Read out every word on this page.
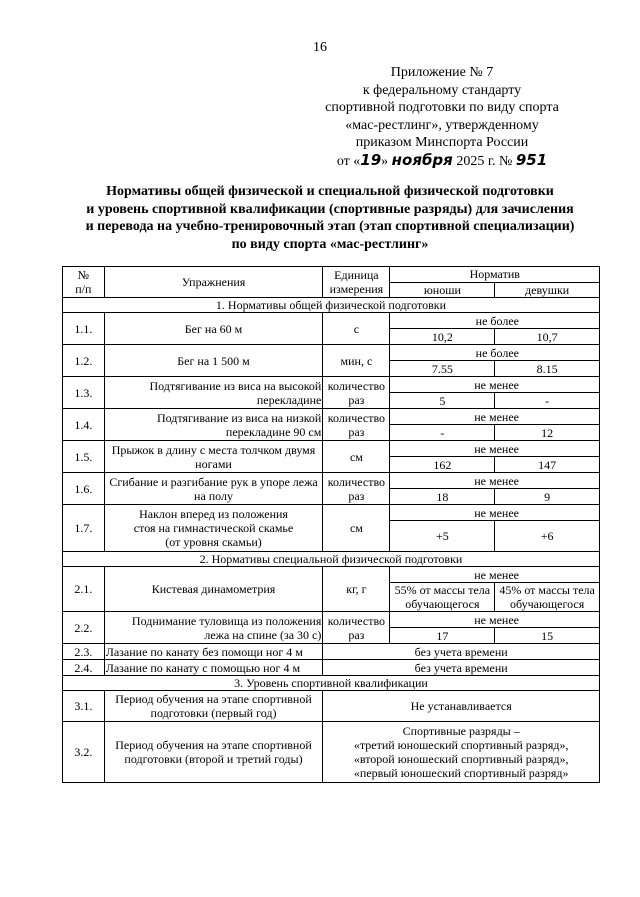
16
Приложение № 7
к федеральному стандарту
спортивной подготовки по виду спорта
«мас-рестлинг», утвержденному
приказом Минспорта России
от «19» ноября 2025 г. № 951
Нормативы общей физической и специальной физической подготовки
и уровень спортивной квалификации (спортивные разряды) для зачисления
и перевода на учебно-тренировочный этап (этап спортивной специализации)
по виду спорта «мас-рестлинг»
№
п/п	Упражнения	Единица измерения	Норматив	
			юноши	девушки
1. Нормативы общей физической подготовки				
1.1.	Бег на 60 м	с	не более	
			10,2	10,7
1.2.	Бег на 1 500 м	мин, с	не более	
			7.55	8.15
1.3.	Подтягивание из виса на высокой перекладине	количество раз	не менее	
			5	-
1.4.	Подтягивание из виса на низкой перекладине 90 см	количество раз	не менее	
			-	12
1.5.	Прыжок в длину с места толчком двумя ногами	см	не менее	
			162	147
1.6.	Сгибание и разгибание рук в упоре лежа на полу	количество раз	не менее	
			18	9
1.7.	Наклон вперед из положения стоя на гимнастической скамье (от уровня скамьи)	см	не менее	
			+5	+6
2. Нормативы специальной физической подготовки				
2.1.	Кистевая динамометрия	кг, г	не менее	
			55% от массы тела обучающегося	45% от массы тела обучающегося
2.2.	Поднимание туловища из положения лежа на спине (за 30 с)	количество раз	не менее	
			17	15
2.3.	Лазание по канату без помощи ног 4 м	без учета времени		
2.4.	Лазание по канату с помощью ног 4 м	без учета времени		
3. Уровень спортивной квалификации				
3.1.	Период обучения на этапе спортивной подготовки (первый год)	Не устанавливается		
3.2.	Период обучения на этапе спортивной подготовки (второй и третий годы)	Спортивные разряды –
«третий юношеский спортивный разряд»,
«второй юношеский спортивный разряд»,
«первый юношеский спортивный разряд»		
